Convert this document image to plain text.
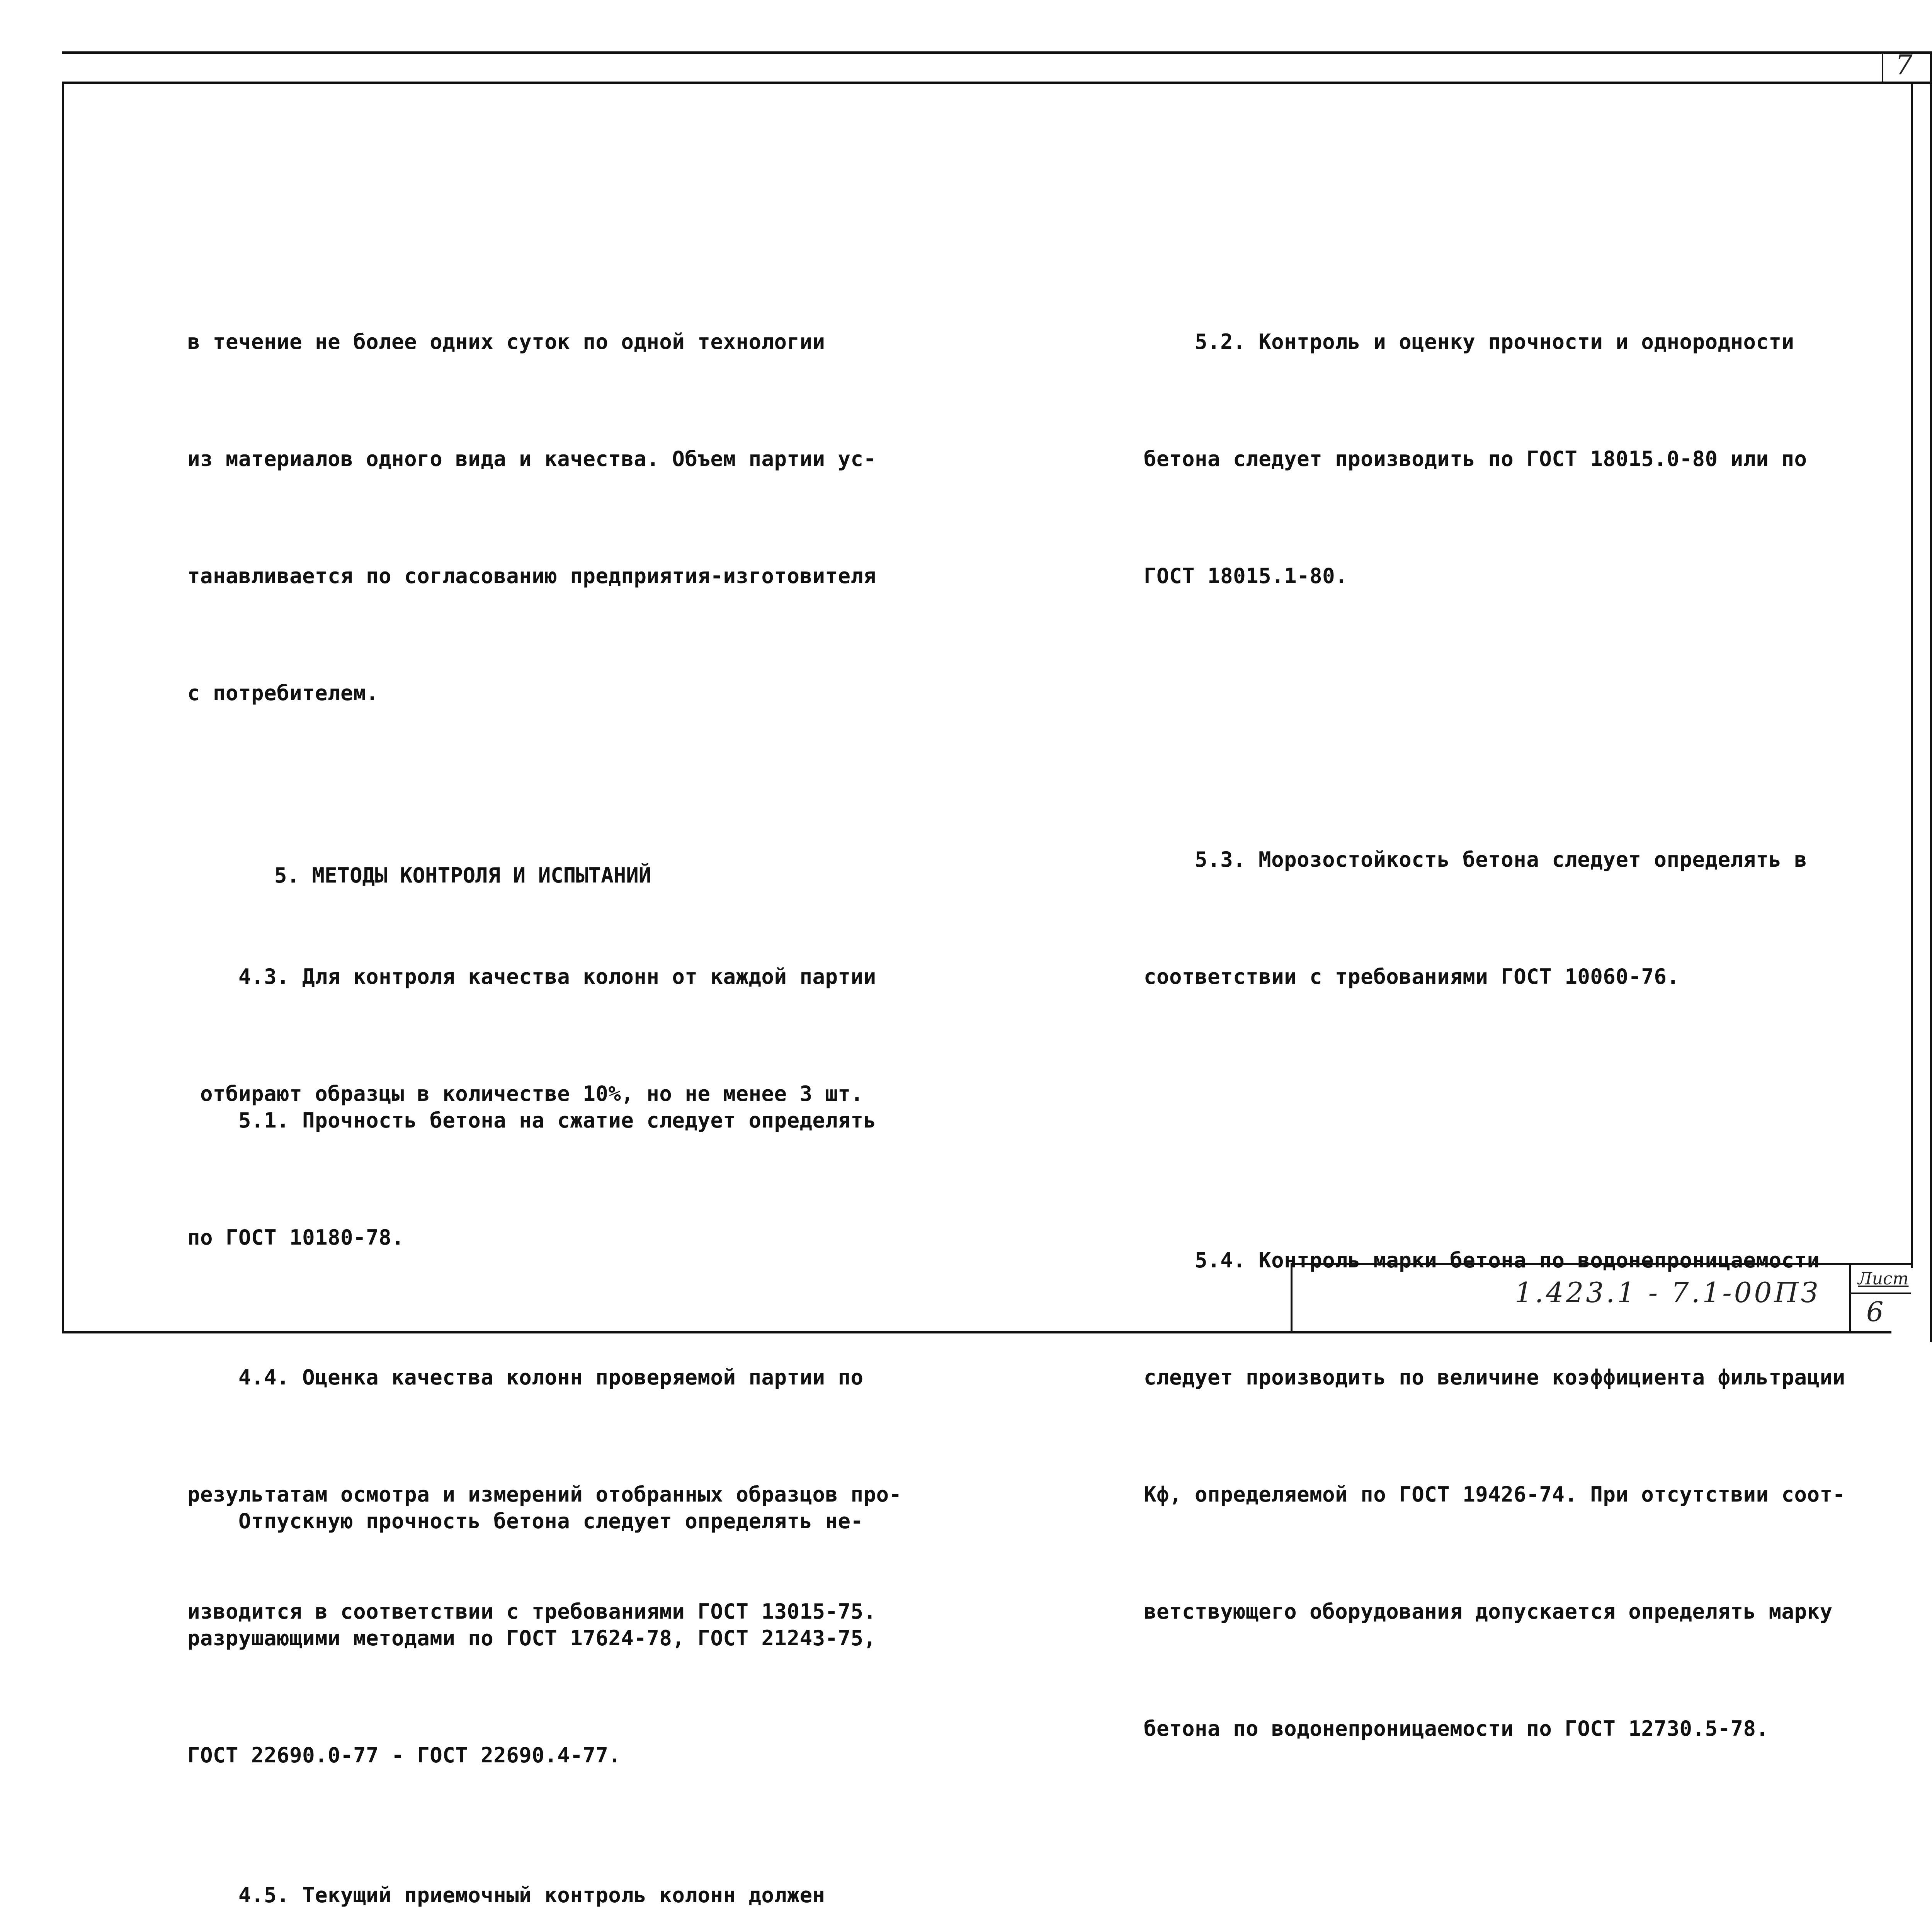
7
1.423.1 - 7.1-00ПЗ Лист
6

в течение не более одних суток по одной технологии

из материалов одного вида и качества. Объем партии ус-

танавливается по согласованию предприятия-изготовителя

с потребителем.

4.3. Для контроля качества колонн от каждой партии

отбирают образцы в количестве 10%, но не менее 3 шт.

4.4. Оценка качества колонн проверяемой партии по

результатам осмотра и измерений отобранных образцов про-

изводится в соответствии с требованиями ГОСТ 13015-75.

4.5. Текущий приемочный контроль колонн должен

5. МЕТОДЫ КОНТРОЛЯ И ИСПЫТАНИЙ

5.1. Прочность бетона на сжатие следует определять

по ГОСТ 10180-78.

Отпускную прочность бетона следует определять не-

разрушающими методами по ГОСТ 17624-78, ГОСТ 21243-75,

ГОСТ 22690.0-77 - ГОСТ 22690.4-77.

5.2. Контроль и оценку прочности и однородности

бетона следует производить по ГОСТ 18015.0-80 или по

ГОСТ 18015.1-80.

5.3. Морозостойкость бетона следует определять в

соответствии с требованиями ГОСТ 10060-76.

5.4. Контроль марки бетона по водонепроницаемости

следует производить по величине коэффициента фильтрации

Кф, определяемой по ГОСТ 19426-74. При отсутствии соот-

ветствующего оборудования допускается определять марку

бетона по водонепроницаемости по ГОСТ 12730.5-78.
